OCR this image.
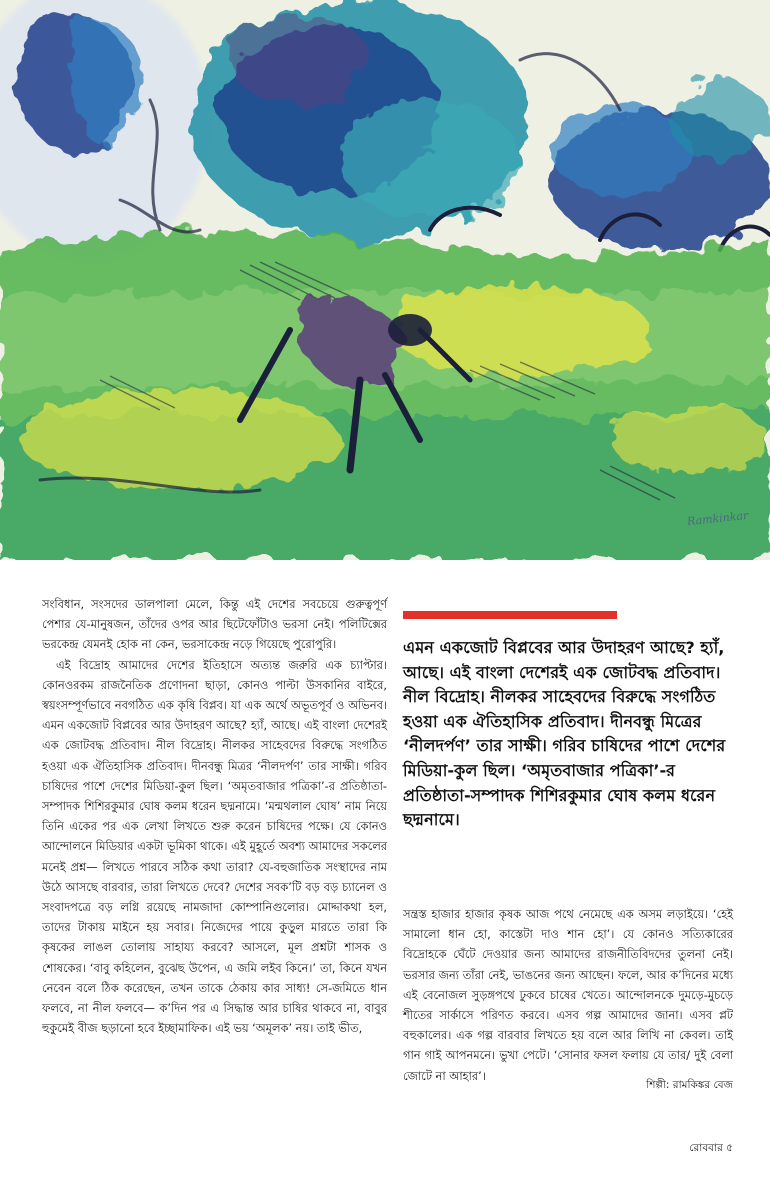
Ramkinkar

সংবিধান, সংসদের ডালপালা মেলে, কিন্তু এই দেশের সবচেয়ে গুরুত্বপূর্ণ পেশার যে-মানুষজন, তাঁদের ওপর আর ছিটেফোঁটাও ভরসা নেই। পলিটিক্সের ভরকেন্দ্র যেমনই হোক না কেন, ভরসাকেন্দ্র নড়ে গিয়েছে পুরোপুরি।

এই বিদ্রোহ আমাদের দেশের ইতিহাসে অত্যন্ত জরুরি এক চ্যাপ্টার। কোনওরকম রাজনৈতিক প্রণোদনা ছাড়া, কোনও পাল্টা উসকানির বাইরে, স্বয়ংসম্পূর্ণভাবে নবগঠিত এক কৃষি বিপ্লব। যা এক অর্থে অভূতপূর্ব ও অভিনব। এমন একজোট বিপ্লবের আর উদাহরণ আছে? হ্যাঁ, আছে। এই বাংলা দেশেরই এক জোটবদ্ধ প্রতিবাদ। নীল বিদ্রোহ। নীলকর সাহেবদের বিরুদ্ধে সংগঠিত হওয়া এক ঐতিহাসিক প্রতিবাদ। দীনবন্ধু মিত্রর ‘নীলদর্পণ’ তার সাক্ষী। গরিব চাষিদের পাশে দেশের মিডিয়া-কুল ছিল। ‘অমৃতবাজার পত্রিকা’-র প্রতিষ্ঠাতা-সম্পাদক শিশিরকুমার ঘোষ কলম ধরেন ছদ্মনামে। ‘মন্মথলাল ঘোষ’ নাম নিয়ে তিনি একের পর এক লেখা লিখতে শুরু করেন চাষিদের পক্ষে। যে কোনও আন্দোলনে মিডিয়ার একটা ভূমিকা থাকে। এই মুহূর্তে অবশ্য আমাদের সকলের মনেই প্রশ্ন— লিখতে পারবে সঠিক কথা তারা? যে-বহুজাতিক সংস্থাদের নাম উঠে আসছে বারবার, তারা লিখতে দেবে? দেশের সবক’টি বড় বড় চ্যানেল ও সংবাদপত্রে বড় লগ্নি রয়েছে নামজাদা কোম্পানিগুলোর। মোদ্দাকথা হল, তাদের টাকায় মাইনে হয় সবার। নিজেদের পায়ে কুড়ুল মারতে তারা কি কৃষকের লাঙল তোলায় সাহায্য করবে? আসলে, মূল প্রশ্নটা শাসক ও শোষকের। ‘বাবু কহিলেন, বুঝেছ উপেন, এ জমি লইব কিনে।’ তা, কিনে যখন নেবেন বলে ঠিক করেছেন, তখন তাকে ঠেকায় কার সাধ্য! সে-জমিতে ধান ফলবে, না নীল ফলবে— ক’দিন পর এ সিদ্ধান্ত আর চাষির থাকবে না, বাবুর হুকুমেই বীজ ছড়ানো হবে ইচ্ছামাফিক। এই ভয় ‘অমূলক’ নয়। তাই ভীত,

এমন একজোট বিপ্লবের আর উদাহরণ আছে? হ্যাঁ, আছে। এই বাংলা দেশেরই এক জোটবদ্ধ প্রতিবাদ। নীল বিদ্রোহ। নীলকর সাহেবদের বিরুদ্ধে সংগঠিত হওয়া এক ঐতিহাসিক প্রতিবাদ। দীনবন্ধু মিত্রের ‘নীলদর্পণ’ তার সাক্ষী। গরিব চাষিদের পাশে দেশের মিডিয়া-কুল ছিল। ‘অমৃতবাজার পত্রিকা’-র প্রতিষ্ঠাতা-সম্পাদক শিশিরকুমার ঘোষ কলম ধরেন ছদ্মনামে।

সন্ত্রস্ত হাজার হাজার কৃষক আজ পথে নেমেছে এক অসম লড়াইয়ে। ‘হেই সামালো ধান হো, কাস্তেটা দাও শান হো’। যে কোনও সত্যিকারের বিদ্রোহকে ঘেঁটে দেওয়ার জন্য আমাদের রাজনীতিবিদদের তুলনা নেই। ভরসার জন্য তাঁরা নেই, ভাঙনের জন্য আছেন। ফলে, আর ক’দিনের মধ্যে এই বেনোজল সুড়ঙ্গপথে ঢুকবে চাষের খেতে। আন্দোলনকে দুমড়ে-মুচড়ে শীতের সার্কাসে পরিণত করবে। এসব গল্প আমাদের জানা। এসব প্লট বহুকালের। এক গল্প বারবার লিখতে হয় বলে আর লিখি না কেবল। তাই গান গাই আপনমনে। ভুখা পেটে। ‘সোনার ফসল ফলায় যে তার/ দুই বেলা জোটে না আহার’।

শিল্পী: রামকিঙ্কর বেজ
রোববার ৫
